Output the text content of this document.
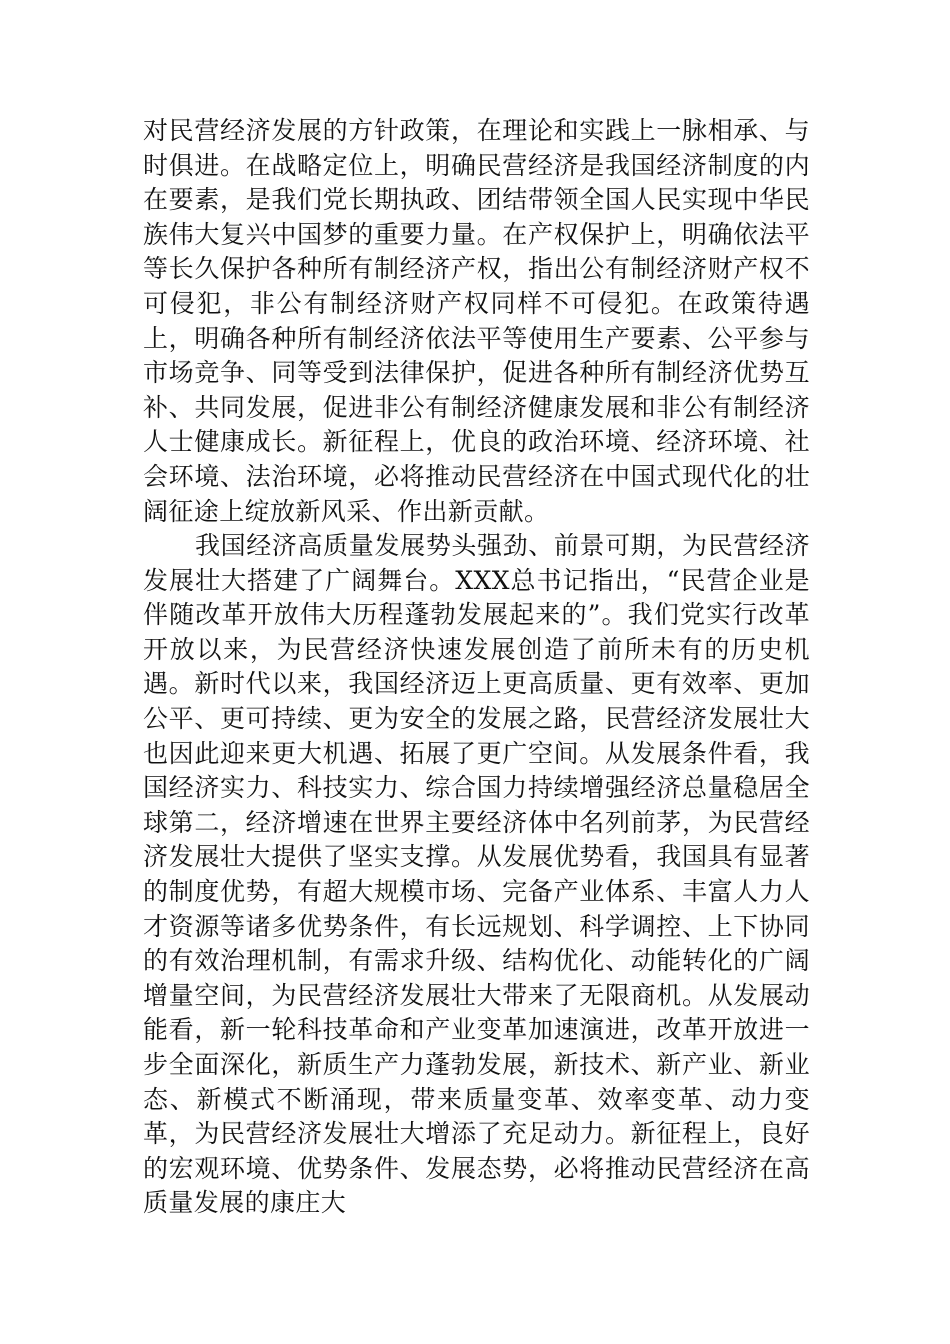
对民营经济发展的方针政策，在理论和实践上一脉相承、与时俱进。在战略定位上，明确民营经济是我国经济制度的内在要素，是我们党长期执政、团结带领全国人民实现中华民族伟大复兴中国梦的重要力量。在产权保护上，明确依法平等长久保护各种所有制经济产权，指出公有制经济财产权不可侵犯，非公有制经济财产权同样不可侵犯。在政策待遇上，明确各种所有制经济依法平等使用生产要素、公平参与市场竞争、同等受到法律保护，促进各种所有制经济优势互补、共同发展，促进非公有制经济健康发展和非公有制经济人士健康成长。新征程上，优良的政治环境、经济环境、社会环境、法治环境，必将推动民营经济在中国式现代化的壮阔征途上绽放新风采、作出新贡献。

我国经济高质量发展势头强劲、前景可期，为民营经济发展壮大搭建了广阔舞台。XXX总书记指出，“民营企业是伴随改革开放伟大历程蓬勃发展起来的”。我们党实行改革开放以来，为民营经济快速发展创造了前所未有的历史机遇。新时代以来，我国经济迈上更高质量、更有效率、更加公平、更可持续、更为安全的发展之路，民营经济发展壮大也因此迎来更大机遇、拓展了更广空间。从发展条件看，我国经济实力、科技实力、综合国力持续增强经济总量稳居全球第二，经济增速在世界主要经济体中名列前茅，为民营经济发展壮大提供了坚实支撑。从发展优势看，我国具有显著的制度优势，有超大规模市场、完备产业体系、丰富人力人才资源等诸多优势条件，有长远规划、科学调控、上下协同的有效治理机制，有需求升级、结构优化、动能转化的广阔增量空间，为民营经济发展壮大带来了无限商机。从发展动能看，新一轮科技革命和产业变革加速演进，改革开放进一步全面深化，新质生产力蓬勃发展，新技术、新产业、新业态、新模式不断涌现，带来质量变革、效率变革、动力变革，为民营经济发展壮大增添了充足动力。新征程上，良好的宏观环境、优势条件、发展态势，必将推动民营经济在高质量发展的康庄大
